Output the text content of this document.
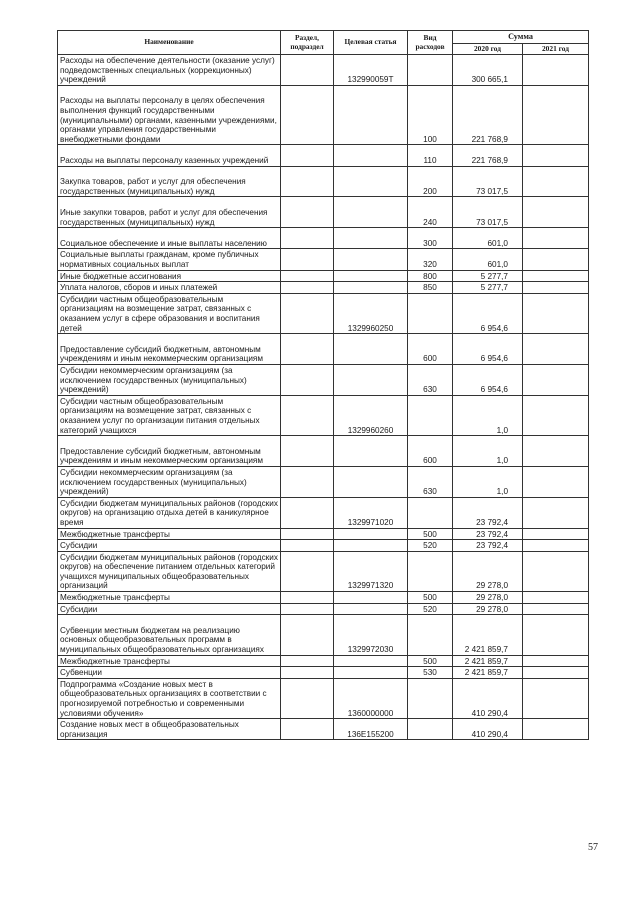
Наименование	Раздел, подраздел	Целевая статья	Вид расходов	Сумма	
				2020 год	2021 год
Расходы на обеспечение деятельности (оказание услуг) подведомственных специальных (коррекционных) учреждений		132990059Т		300 665,1	
Расходы на выплаты персоналу в целях обеспечения выполнения функций государственными (муниципальными) органами, казенными учреждениями, органами управления государственными внебюджетными фондами			100	221 768,9	
Расходы на выплаты персоналу казенных учреждений			110	221 768,9	
Закупка товаров, работ и услуг для обеспечения государственных (муниципальных) нужд			200	73 017,5	
Иные закупки товаров, работ и услуг для обеспечения государственных (муниципальных) нужд			240	73 017,5	
Социальное обеспечение и иные выплаты населению			300	601,0	
Социальные выплаты гражданам, кроме публичных нормативных социальных выплат			320	601,0	
Иные бюджетные ассигнования			800	5 277,7	
Уплата налогов, сборов и иных платежей			850	5 277,7	
Субсидии частным общеобразовательным организациям на возмещение затрат, связанных с оказанием услуг в сфере образования и воспитания детей		1329960250		6 954,6	
Предоставление субсидий бюджетным, автономным учреждениям и иным некоммерческим организациям			600	6 954,6	
Субсидии некоммерческим организациям (за исключением государственных (муниципальных) учреждений)			630	6 954,6	
Субсидии частным общеобразовательным организациям на возмещение затрат, связанных с оказанием услуг по организации питания отдельных категорий учащихся		1329960260		1,0	
Предоставление субсидий бюджетным, автономным учреждениям и иным некоммерческим организациям			600	1,0	
Субсидии некоммерческим организациям (за исключением государственных (муниципальных) учреждений)			630	1,0	
Субсидии бюджетам муниципальных районов (городских округов) на организацию отдыха детей в каникулярное время		1329971020		23 792,4	
Межбюджетные трансферты			500	23 792,4	
Субсидии			520	23 792,4	
Субсидии бюджетам муниципальных районов (городских округов) на обеспечение питанием отдельных категорий учащихся муниципальных общеобразовательных организаций		1329971320		29 278,0	
Межбюджетные трансферты			500	29 278,0	
Субсидии			520	29 278,0	
Субвенции местным бюджетам на реализацию основных общеобразовательных программ в муниципальных общеобразовательных организациях		1329972030		2 421 859,7	
Межбюджетные трансферты			500	2 421 859,7	
Субвенции			530	2 421 859,7	
Подпрограмма «Создание новых мест в общеобразовательных организациях в соответствии с прогнозируемой потребностью и современными условиями обучения»		1360000000		410 290,4	
Создание новых мест в общеобразовательных организация		136E155200		410 290,4	
57
